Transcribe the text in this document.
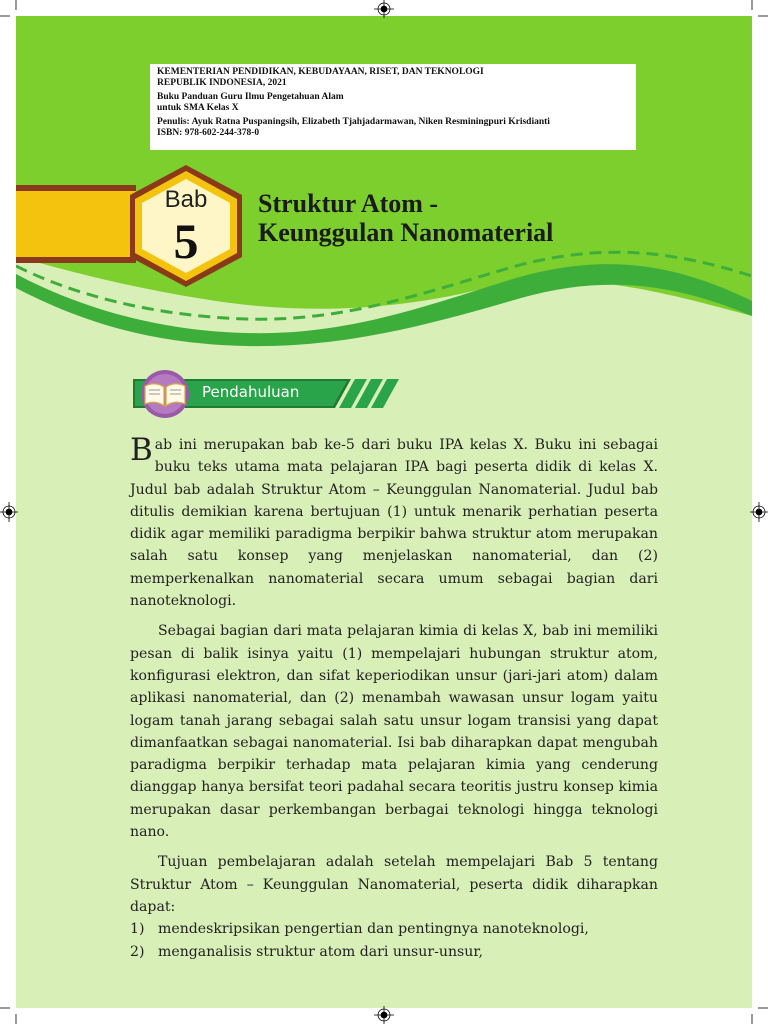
KEMENTERIAN PENDIDIKAN, KEBUDAYAAN, RISET, DAN TEKNOLOGI

REPUBLIK INDONESIA, 2021

Buku Panduan Guru Ilmu Pengetahuan Alam

untuk SMA Kelas X

Penulis: Ayuk Ratna Puspaningsih, Elizabeth Tjahjadarmawan, Niken Resminingpuri Krisdianti

ISBN: 978-602-244-378-0

Bab
5
Struktur Atom -
Keunggulan Nanomaterial
Pendahuluan

Bab ini merupakan bab ke-5 dari buku IPA kelas X. Buku ini sebagai buku teks utama mata pelajaran IPA bagi peserta didik di kelas X. Judul bab adalah Struktur Atom – Keunggulan Nanomaterial. Judul bab ditulis demikian karena bertujuan (1) untuk menarik perhatian peserta didik agar memiliki paradigma berpikir bahwa struktur atom merupakan salah satu konsep yang menjelaskan nanomaterial, dan (2) memperkenalkan nanomaterial secara umum sebagai bagian dari nanoteknologi.

Sebagai bagian dari mata pelajaran kimia di kelas X, bab ini memiliki pesan di balik isinya yaitu (1) mempelajari hubungan struktur atom, konfigurasi elektron, dan sifat keperiodikan unsur (jari-jari atom) dalam aplikasi nanomaterial, dan (2) menambah wawasan unsur logam yaitu logam tanah jarang sebagai salah satu unsur logam transisi yang dapat dimanfaatkan sebagai nanomaterial. Isi bab diharapkan dapat mengubah paradigma berpikir terhadap mata pelajaran kimia yang cenderung dianggap hanya bersifat teori padahal secara teoritis justru konsep kimia merupakan dasar perkembangan berbagai teknologi hingga teknologi nano.

Tujuan pembelajaran adalah setelah mempelajari Bab 5 tentang Struktur Atom – Keunggulan Nanomaterial, peserta didik diharapkan dapat:

1) mendeskripsikan pengertian dan pentingnya nanoteknologi,
2) menganalisis struktur atom dari unsur-unsur,
